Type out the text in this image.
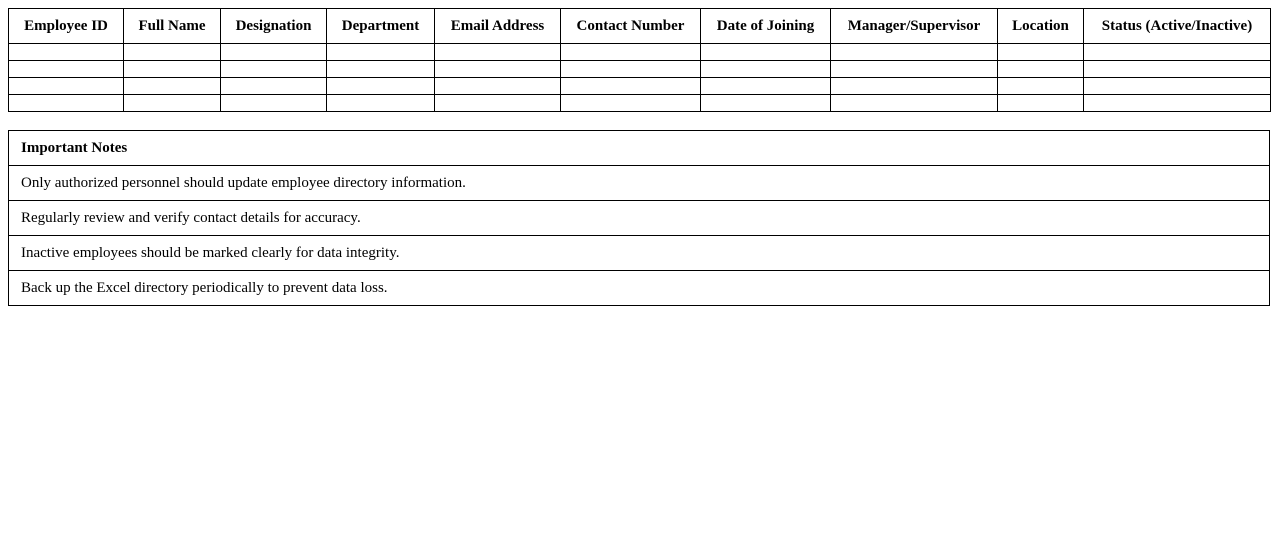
Employee ID	Full Name	Designation	Department	Email Address	Contact Number	Date of Joining	Manager/Supervisor	Location	Status (Active/Inactive)

Important Notes
Only authorized personnel should update employee directory information.
Regularly review and verify contact details for accuracy.
Inactive employees should be marked clearly for data integrity.
Back up the Excel directory periodically to prevent data loss.
